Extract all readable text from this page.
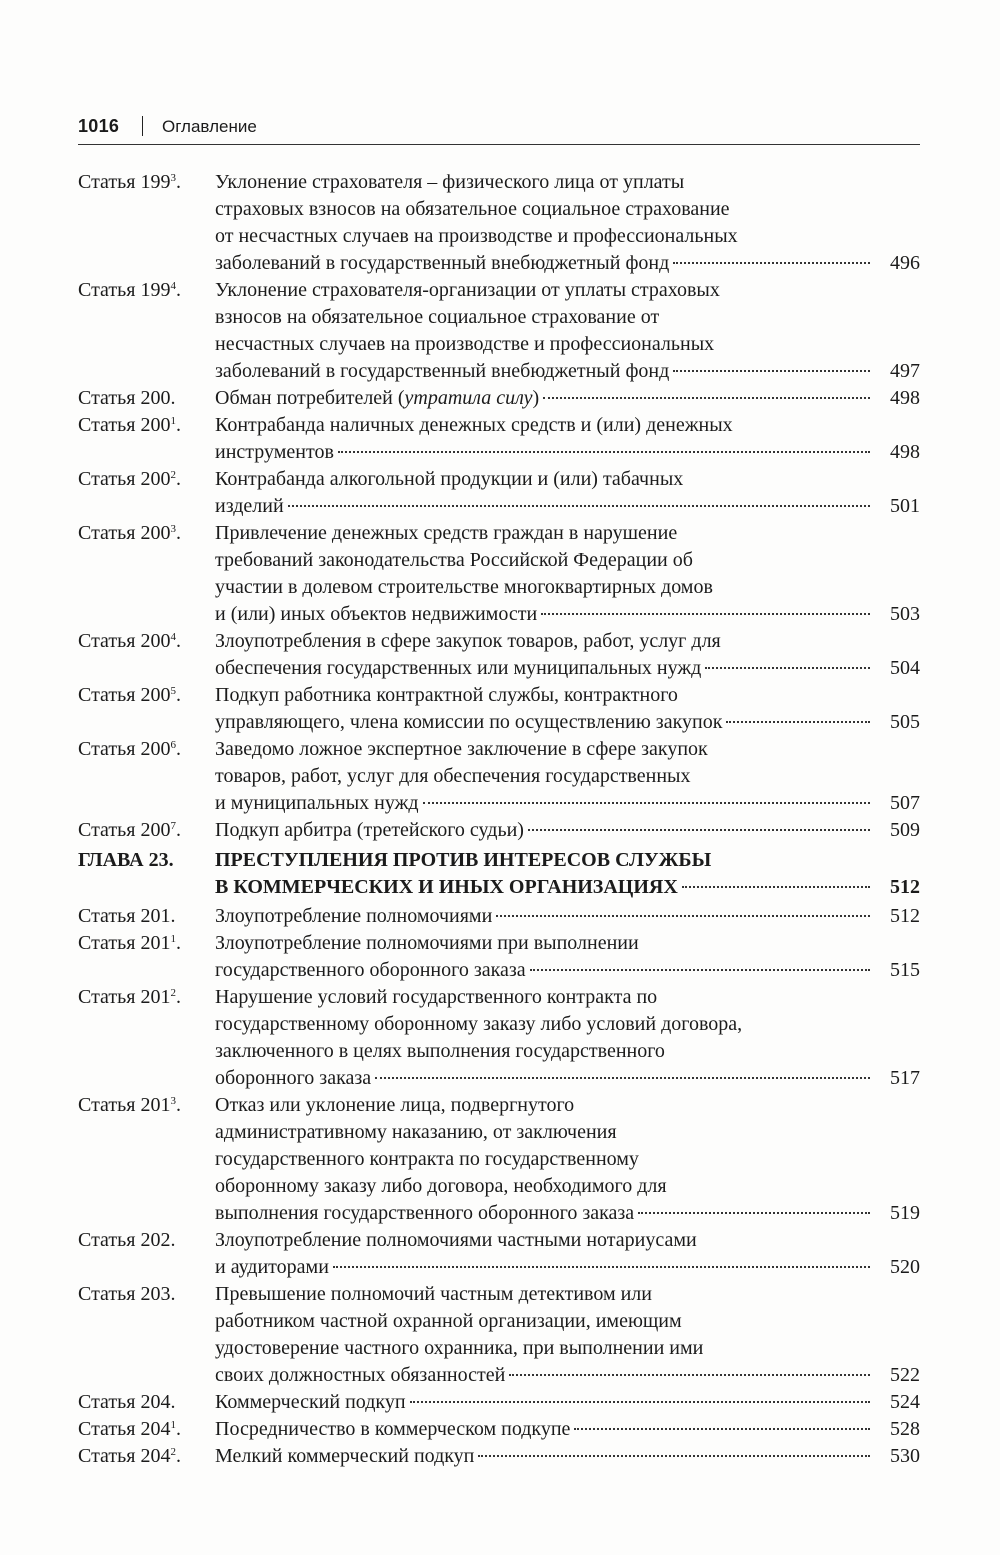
1016	Оглавление
Статья $199^3$.	Уклонение страхователя – физического лица от уплаты
страховых взносов на обязательное социальное страхование
от несчастных случаев на производстве и профессиональных
заболеваний в государственный внебюджетный фонд	496
Статья $199^4$.	Уклонение страхователя-организации от уплаты страховых
взносов на обязательное социальное страхование от
несчастных случаев на производстве и профессиональных
заболеваний в государственный внебюджетный фонд	497
Статья 200.	Обман потребителей (утратила силу)	498
Статья $200^1$.	Контрабанда наличных денежных средств и (или) денежных
инструментов	498
Статья $200^2$.	Контрабанда алкогольной продукции и (или) табачных
изделий	501
Статья $200^3$.	Привлечение денежных средств граждан в нарушение
требований законодательства Российской Федерации об
участии в долевом строительстве многоквартирных домов
и (или) иных объектов недвижимости	503
Статья $200^4$.	Злоупотребления в сфере закупок товаров, работ, услуг для
обеспечения государственных или муниципальных нужд	504
Статья $200^5$.	Подкуп работника контрактной службы, контрактного
управляющего, члена комиссии по осуществлению закупок	505
Статья $200^6$.	Заведомо ложное экспертное заключение в сфере закупок
товаров, работ, услуг для обеспечения государственных
и муниципальных нужд	507
Статья $200^7$.	Подкуп арбитра (третейского судьи)	509
ГЛАВА 23.	ПРЕСТУПЛЕНИЯ ПРОТИВ ИНТЕРЕСОВ СЛУЖБЫ
В КОММЕРЧЕСКИХ И ИНЫХ ОРГАНИЗАЦИЯХ	512
Статья 201.	Злоупотребление полномочиями	512
Статья $201^1$.	Злоупотребление полномочиями при выполнении
государственного оборонного заказа	515
Статья $201^2$.	Нарушение условий государственного контракта по
государственному оборонному заказу либо условий договора,
заключенного в целях выполнения государственного
оборонного заказа	517
Статья $201^3$.	Отказ или уклонение лица, подвергнутого
административному наказанию, от заключения
государственного контракта по государственному
оборонному заказу либо договора, необходимого для
выполнения государственного оборонного заказа	519
Статья 202.	Злоупотребление полномочиями частными нотариусами
и аудиторами	520
Статья 203.	Превышение полномочий частным детективом или
работником частной охранной организации, имеющим
удостоверение частного охранника, при выполнении ими
своих должностных обязанностей	522
Статья 204.	Коммерческий подкуп	524
Статья $204^1$.	Посредничество в коммерческом подкупе	528
Статья $204^2$.	Мелкий коммерческий подкуп	530
